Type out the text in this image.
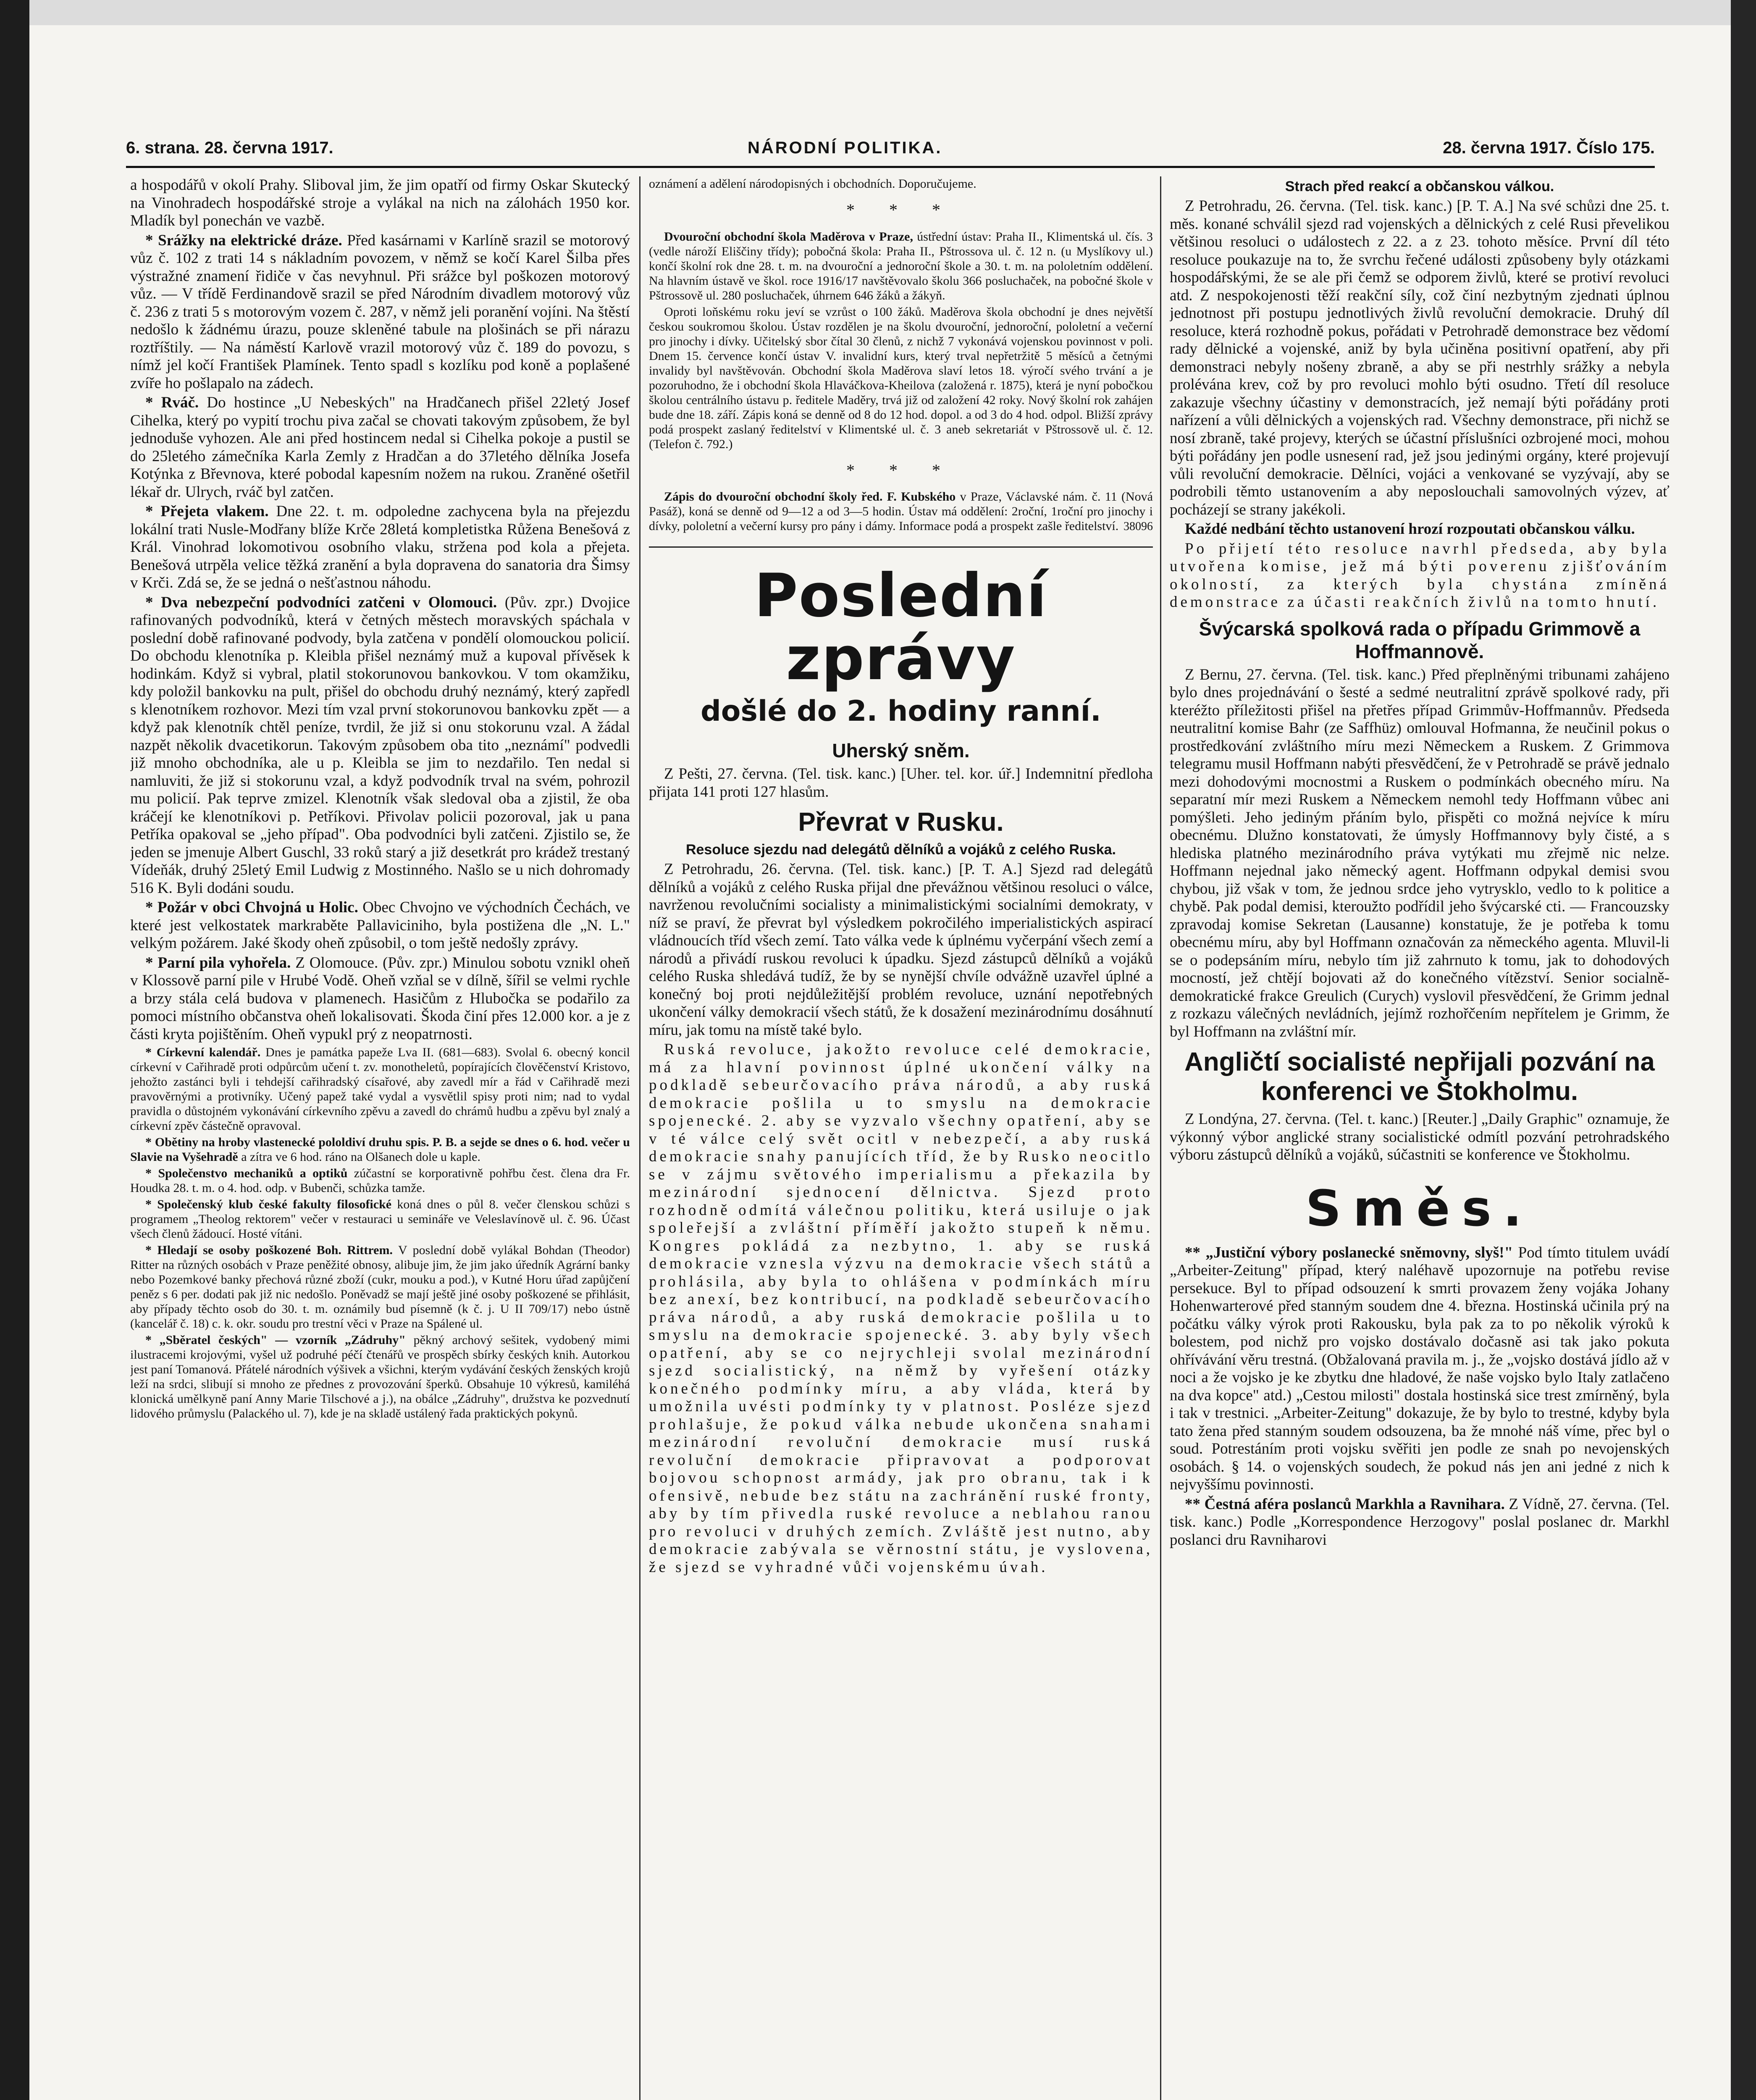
6. strana. 28. června 1917.	NÁRODNÍ POLITIKA.	28. června 1917. Číslo 175.

a hospodářů v okolí Prahy. Sliboval jim, že jim opatří od firmy Oskar Skutecký na Vinohradech hospodářské stroje a vylákal na nich na zálohách 1950 kor. Mladík byl ponechán ve vazbě.

* Srážky na elektrické dráze. Před kasárnami v Karlíně srazil se motorový vůz č. 102 z trati 14 s nákladním povozem, v němž se kočí Karel Šilba přes výstražné znamení řidiče v čas nevyhnul. Při srážce byl poškozen motorový vůz. — V třídě Ferdinandově srazil se před Národním divadlem motorový vůz č. 236 z trati 5 s motorovým vozem č. 287, v němž jeli poranění vojíni. Na štěstí nedošlo k žádnému úrazu, pouze skleněné tabule na plošinách se při nárazu roztříštily. — Na náměstí Karlově vrazil motorový vůz č. 189 do povozu, s nímž jel kočí František Plamínek. Tento spadl s kozlíku pod koně a poplašené zvíře ho pošlapalo na zádech.

* Rváč. Do hostince „U Nebeských" na Hradčanech přišel 22letý Josef Cihelka, který po vypití trochu piva začal se chovati takovým způsobem, že byl jednoduše vyhozen. Ale ani před hostincem nedal si Cihelka pokoje a pustil se do 25letého zámečníka Karla Zemly z Hradčan a do 37letého dělníka Josefa Kotýnka z Břevnova, které pobodal kapesním nožem na rukou. Zraněné ošetřil lékař dr. Ulrych, rváč byl zatčen.

* Přejeta vlakem. Dne 22. t. m. odpoledne zachycena byla na přejezdu lokální trati Nusle-Modřany blíže Krče 28letá kompletistka Růžena Benešová z Král. Vinohrad lokomotivou osobního vlaku, stržena pod kola a přejeta. Benešová utrpěla velice těžká zranění a byla dopravena do sanatoria dra Šimsy v Krči. Zdá se, že se jedná o nešťastnou náhodu.

* Dva nebezpeční podvodníci zatčeni v Olomouci. (Pův. zpr.) Dvojice rafinovaných podvodníků, která v četných městech moravských spáchala v poslední době rafinované podvody, byla zatčena v pondělí olomouckou policií. Do obchodu klenotníka p. Kleibla přišel neznámý muž a kupoval přívěsek k hodinkám. Když si vybral, platil stokorunovou bankovkou. V tom okamžiku, kdy položil bankovku na pult, přišel do obchodu druhý neznámý, který zapředl s klenotníkem rozhovor. Mezi tím vzal první stokorunovou bankovku zpět — a když pak klenotník chtěl peníze, tvrdil, že již si onu stokorunu vzal. A žádal nazpět několik dvacetikorun. Takovým způsobem oba tito „neznámí" podvedli již mnoho obchodníka, ale u p. Kleibla se jim to nezdařilo. Ten nedal si namluviti, že již si stokorunu vzal, a když podvodník trval na svém, pohrozil mu policií. Pak teprve zmizel. Klenotník však sledoval oba a zjistil, že oba kráčejí ke klenotníkovi p. Petříkovi. Přivolav policii pozoroval, jak u pana Petříka opakoval se „jeho případ". Oba podvodníci byli zatčeni. Zjistilo se, že jeden se jmenuje Albert Guschl, 33 roků starý a již desetkrát pro krádež trestaný Vídeňák, druhý 25letý Emil Ludwig z Mostinného. Našlo se u nich dohromady 516 K. Byli dodáni soudu.

* Požár v obci Chvojná u Holic. Obec Chvojno ve východních Čechách, ve které jest velkostatek markraběte Pallaviciniho, byla postižena dle „N. L." velkým požárem. Jaké škody oheň způsobil, o tom ještě nedošly zprávy.

* Parní pila vyhořela. Z Olomouce. (Pův. zpr.) Minulou sobotu vznikl oheň v Klossově parní pile v Hrubé Vodě. Oheň vzňal se v dílně, šířil se velmi rychle a brzy stála celá budova v plamenech. Hasičům z Hlubočka se podařilo za pomoci místního občanstva oheň lokalisovati. Škoda činí přes 12.000 kor. a je z části kryta pojištěním. Oheň vypukl prý z neopatrnosti.

* Církevní kalendář. Dnes je památka papeže Lva II. (681—683). Svolal 6. obecný koncil církevní v Cařihradě proti odpůrcům učení t. zv. monotheletů, popírajících člověčenství Kristovo, jehožto zastánci byli i tehdejší cařihradský císařové, aby zavedl mír a řád v Cařihradě mezi pravověrnými a protivníky. Učený papež také vydal a vysvětlil spisy proti nim; nad to vydal pravidla o důstojném vykonávání církevního zpěvu a zavedl do chrámů hudbu a zpěvu byl znalý a církevní zpěv částečně opravoval.

* Obětiny na hroby vlastenecké pololdiví druhu spis. P. B. a sejde se dnes o 6. hod. večer u Slavie na Vyšehradě a zítra ve 6 hod. ráno na Olšanech dole u kaple.

* Společenstvo mechaniků a optiků zúčastní se korporativně pohřbu čest. člena dra Fr. Houdka 28. t. m. o 4. hod. odp. v Bubenči, schůzka tamže.

* Společenský klub české fakulty filosofické koná dnes o půl 8. večer členskou schůzi s programem „Theolog rektorem" večer v restauraci u semináře ve Veleslavínově ul. č. 96. Účast všech členů žádoucí. Hosté vítáni.

* Hledají se osoby poškozené Boh. Rittrem. V poslední době vylákal Bohdan (Theodor) Ritter na různých osobách v Praze peněžité obnosy, alibuje jim, že jim jako úředník Agrární banky nebo Pozemkové banky přechová různé zboží (cukr, mouku a pod.), v Kutné Horu úřad zapůjčení peněz s 6 per. dodati pak již nic nedošlo. Poněvadž se mají ještě jiné osoby poškozené se přihlásit, aby případy těchto osob do 30. t. m. oznámily bud písemně (k č. j. U II 709/17) nebo ústně (kancelář č. 18) c. k. okr. soudu pro trestní věci v Praze na Spálené ul.

* „Sběratel českých" — vzorník „Zádruhy" pěkný archový sešitek, vydobený mimi ilustracemi krojovými, vyšel už podruhé péčí čtenářů ve prospěch sbírky českých knih. Autorkou jest paní Tomanová. Přátelé národních výšivek a všichni, kterým vydávání českých ženských krojů leží na srdci, slibují si mnoho ze přednes z provozování šperků. Obsahuje 10 výkresů, kamiléhá klonická umělkyně paní Anny Marie Tilschové a j.), na obálce „Zádruhy", družstva ke pozvednutí lidového průmyslu (Palackého ul. 7), kde je na skladě ustálený řada praktických pokynů.

oznámení a adělení národopisných i obchodních. Doporučujeme.

* * *

Dvouroční obchodní škola Maděrova v Praze, ústřední ústav: Praha II., Klimentská ul. čís. 3 (vedle nároží Eliščiny třídy); pobočná škola: Praha II., Pštrossova ul. č. 12 n. (u Myslíkovy ul.) končí školní rok dne 28. t. m. na dvouroční a jednoroční škole a 30. t. m. na pololetním oddělení. Na hlavním ústavě ve škol. roce 1916/17 navštěvovalo školu 366 posluchaček, na pobočné škole v Pštrossově ul. 280 posluchaček, úhrnem 646 žáků a žákyň.

Oproti loňskému roku jeví se vzrůst o 100 žáků. Maděrova škola obchodní je dnes největší českou soukromou školou. Ústav rozdělen je na školu dvouroční, jednoroční, pololetní a večerní pro jinochy i dívky. Učitelský sbor čítal 30 členů, z nichž 7 vykonává vojenskou povinnost v poli. Dnem 15. července končí ústav V. invalidní kurs, který trval nepřetržitě 5 měsíců a četnými invalidy byl navštěvován. Obchodní škola Maděrova slaví letos 18. výročí svého trvání a je pozoruhodno, že i obchodní škola Hlaváčkova-Kheilova (založená r. 1875), která je nyní pobočkou školou centrálního ústavu p. ředitele Maděry, trvá již od založení 42 roky. Nový školní rok zahájen bude dne 18. září. Zápis koná se denně od 8 do 12 hod. dopol. a od 3 do 4 hod. odpol. Bližší zprávy podá prospekt zaslaný ředitelství v Klimentské ul. č. 3 aneb sekretariát v Pštrossově ul. č. 12. (Telefon č. 792.)

* * *

Zápis do dvouroční obchodní školy řed. F. Kubského v Praze, Václavské nám. č. 11 (Nová Pasáž), koná se denně od 9—12 a od 3—5 hodin. Ústav má oddělení: 2roční, 1roční pro jinochy i dívky, pololetní a večerní kursy pro pány i dámy. Informace podá a prospekt zašle ředitelství. 38096
Poslední zprávy
došlé do 2. hodiny ranní.
Uherský sněm.

Z Pešti, 27. června. (Tel. tisk. kanc.) [Uher. tel. kor. úř.] Indemnitní předloha přijata 141 proti 127 hlasům.

Převrat v Rusku.
Resoluce sjezdu nad delegátů dělníků a vojáků z celého Ruska.

Z Petrohradu, 26. června. (Tel. tisk. kanc.) [P. T. A.] Sjezd rad delegátů dělníků a vojáků z celého Ruska přijal dne převážnou většinou resoluci o válce, navrženou revolučními socialisty a minimalistickými socialními demokraty, v níž se praví, že převrat byl výsledkem pokročilého imperialistických aspirací vládnoucích tříd všech zemí. Tato válka vede k úplnému vyčerpání všech zemí a národů a přivádí ruskou revoluci k úpadku. Sjezd zástupců dělníků a vojáků celého Ruska shledává tudíž, že by se nynější chvíle odvážně uzavřel úplné a konečný boj proti nejdůležitější problém revoluce, uznání nepotřebných ukončení války demokracií všech států, že k dosažení mezinárodnímu dosáhnutí míru, jak tomu na místě také bylo.

Ruská revoluce, jakožto revoluce celé demokracie, má za hlavní povinnost úplné ukončení války na podkladě sebeurčovacího práva národů, a aby ruská demokracie pošlila u to smyslu na demokracie spojenecké. 2. aby se vyzvalo všechny opatření, aby se v té válce celý svět ocitl v nebezpečí, a aby ruská demokracie snahy panujících tříd, že by Rusko neocitlo se v zájmu světového imperialismu a překazila by mezinárodní sjednocení dělnictva. Sjezd proto rozhodně odmítá válečnou politiku, která usiluje o jak spoleřejší a zvláštní příměří jakožto stupeň k němu. Kongres pokládá za nezbytno, 1. aby se ruská demokracie vznesla výzvu na demokracie všech států a prohlásila, aby byla to ohlášena v podmínkách míru bez anexí, bez kontribucí, na podkladě sebeurčovacího práva národů, a aby ruská demokracie pošlila u to smyslu na demokracie spojenecké. 3. aby byly všech opatření, aby se co nejrychleji svolal mezinárodní sjezd socialistický, na němž by vyřešení otázky konečného podmínky míru, a aby vláda, která by umožnila uvésti podmínky ty v platnost. Posléze sjezd prohlašuje, že pokud válka nebude ukončena snahami mezinárodní revoluční demokracie musí ruská revoluční demokracie připravovat a podporovat bojovou schopnost armády, jak pro obranu, tak i k ofensivě, nebude bez státu na zachránění ruské fronty, aby by tím přivedla ruské revoluce a neblahou ranou pro revoluci v druhých zemích. Zvláště jest nutno, aby demokracie zabývala se věrnostní státu, je vyslovena, že sjezd se vyhradné vůči vojenskému úvah.

Strach před reakcí a občanskou válkou.

Z Petrohradu, 26. června. (Tel. tisk. kanc.) [P. T. A.] Na své schůzi dne 25. t. měs. konané schválil sjezd rad vojenských a dělnických z celé Rusi převelikou většinou resoluci o událostech z 22. a z 23. tohoto měsíce. První díl této resoluce poukazuje na to, že svrchu řečené události způsobeny byly otázkami hospodářskými, že se ale při čemž se odporem živlů, které se protiví revoluci atd. Z nespokojenosti těží reakční síly, což činí nezbytným zjednati úplnou jednotnost při postupu jednotlivých živlů revoluční demokracie. Druhý díl resoluce, která rozhodně pokus, pořádati v Petrohradě demonstrace bez vědomí rady dělnické a vojenské, aniž by byla učiněna positivní opatření, aby při demonstraci nebyly nošeny zbraně, a aby se při nestrhly srážky a nebyla prolévána krev, což by pro revoluci mohlo býti osudno. Třetí díl resoluce zakazuje všechny účastiny v demonstracích, jež nemají býti pořádány proti nařízení a vůli dělnických a vojenských rad. Všechny demonstrace, při nichž se nosí zbraně, také projevy, kterých se účastní příslušníci ozbrojené moci, mohou býti pořádány jen podle usnesení rad, jež jsou jedinými orgány, které projevují vůli revoluční demokracie. Dělníci, vojáci a venkované se vyzývají, aby se podrobili těmto ustanovením a aby neposlouchali samovolných výzev, ať pocházejí se strany jakékoli.

Každé nedbání těchto ustanovení hrozí rozpoutati občanskou válku.

Po přijetí této resoluce navrhl předseda, aby byla utvořena komise, jež má býti poverenu zjišťováním okolností, za kterých byla chystána zmíněná demonstrace za účasti reakčních živlů na tomto hnutí.

Švýcarská spolková rada o případu Grimmově a Hoffmannově.

Z Bernu, 27. června. (Tel. tisk. kanc.) Před přeplněnými tribunami zahájeno bylo dnes projednávání o šesté a sedmé neutralitní zprávě spolkové rady, při kteréžto příležitosti přišel na přetřes případ Grimmův-Hoffmannův. Předseda neutralitní komise Bahr (ze Saffhüz) omlouval Hofmanna, že neučinil pokus o prostředkování zvláštního míru mezi Německem a Ruskem. Z Grimmova telegramu musil Hoffmann nabýti přesvědčení, že v Petrohradě se právě jednalo mezi dohodovými mocnostmi a Ruskem o podmínkách obecného míru. Na separatní mír mezi Ruskem a Německem nemohl tedy Hoffmann vůbec ani pomýšleti. Jeho jediným přáním bylo, přispěti co možná nejvíce k míru obecnému. Dlužno konstatovati, že úmysly Hoffmannovy byly čisté, a s hlediska platného mezinárodního práva vytýkati mu zřejmě nic nelze. Hoffmann nejednal jako německý agent. Hoffmann odpykal demisi svou chybou, již však v tom, že jednou srdce jeho vytrysklo, vedlo to k politice a chybě. Pak podal demisi, kteroužto podřídil jeho švýcarské cti. — Francouzsky zpravodaj komise Sekretan (Lausanne) konstatuje, že je potřeba k tomu obecnému míru, aby byl Hoffmann označován za německého agenta. Mluvil-li se o podepsáním míru, nebylo tím již zahrnuto k tomu, jak to dohodových mocností, jež chtějí bojovati až do konečného vítězství. Senior socialně-demokratické frakce Greulich (Curych) vyslovil přesvědčení, že Grimm jednal z rozkazu válečných nevládních, jejímž rozhořčením nepřítelem je Grimm, že byl Hoffmann na zvláštní mír.

Angličtí socialisté nepřijali pozvání na konferenci ve Štokholmu.

Z Londýna, 27. června. (Tel. t. kanc.) [Reuter.] „Daily Graphic" oznamuje, že výkonný výbor anglické strany socialistické odmítl pozvání petrohradského výboru zástupců dělníků a vojáků, súčastniti se konference ve Štokholmu.

Směs.

** „Justiční výbory poslanecké sněmovny, slyš!" Pod tímto titulem uvádí „Arbeiter-Zeitung" případ, který naléhavě upozornuje na potřebu revise persekuce. Byl to případ odsouzení k smrti provazem ženy vojáka Johany Hohenwarterové před stanným soudem dne 4. března. Hostinská učinila prý na počátku války výrok proti Rakousku, byla pak za to po několik výroků k bolestem, pod nichž pro vojsko dostávalo dočasně asi tak jako pokuta ohřívávání věru trestná. (Obžalovaná pravila m. j., že „vojsko dostává jídlo až v noci a že vojsko je ke zbytku dne hladové, že naše vojsko bylo Italy zatlačeno na dva kopce" atd.) „Cestou milosti" dostala hostinská sice trest zmírněný, byla i tak v trestnici. „Arbeiter-Zeitung" dokazuje, že by bylo to trestné, kdyby byla tato žena před stanným soudem odsouzena, ba že mnohé náš víme, přec byl o soud. Potrestáním proti vojsku svěřiti jen podle ze snah po nevojenských osobách. § 14. o vojenských soudech, že pokud nás jen ani jedné z nich k nejvyššímu povinnosti.

** Čestná aféra poslanců Markhla a Ravnihara. Z Vídně, 27. června. (Tel. tisk. kanc.) Podle „Korrespondence Herzogovy" poslal poslanec dr. Markhl poslanci dru Ravniharovi
